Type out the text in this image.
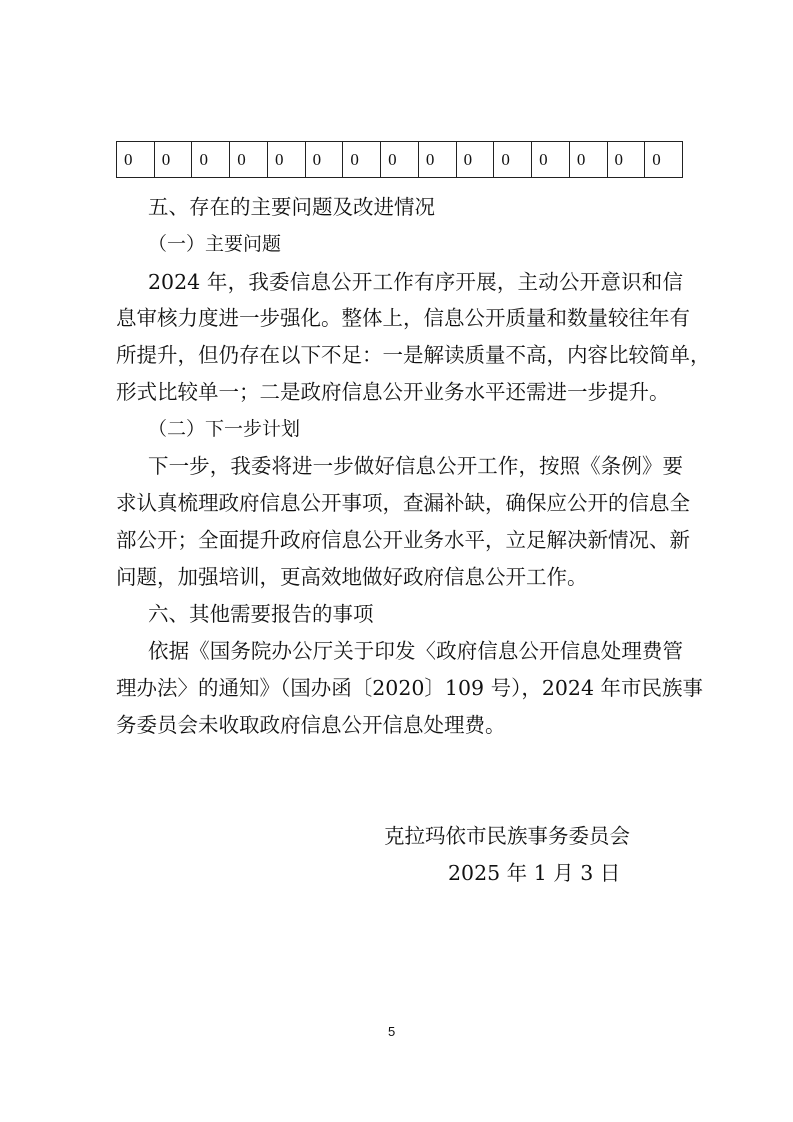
0	0	0	0	0	0	0	0	0	0	0	0	0	0	0

五、存在的主要问题及改进情况

（一）主要问题

2024 年，我委信息公开工作有序开展，主动公开意识和信

息审核力度进一步强化。整体上，信息公开质量和数量较往年有

所提升，但仍存在以下不足：一是解读质量不高，内容比较简单，

形式比较单一；二是政府信息公开业务水平还需进一步提升。

（二）下一步计划

下一步，我委将进一步做好信息公开工作，按照《条例》要

求认真梳理政府信息公开事项，查漏补缺，确保应公开的信息全

部公开；全面提升政府信息公开业务水平，立足解决新情况、新

问题，加强培训，更高效地做好政府信息公开工作。

六、其他需要报告的事项

依据《国务院办公厅关于印发〈政府信息公开信息处理费管

理办法〉的通知》（国办函〔2020〕109 号），2024 年市民族事

务委员会未收取政府信息公开信息处理费。

克拉玛依市民族事务委员会

2025 年 1 月 3 日

5
